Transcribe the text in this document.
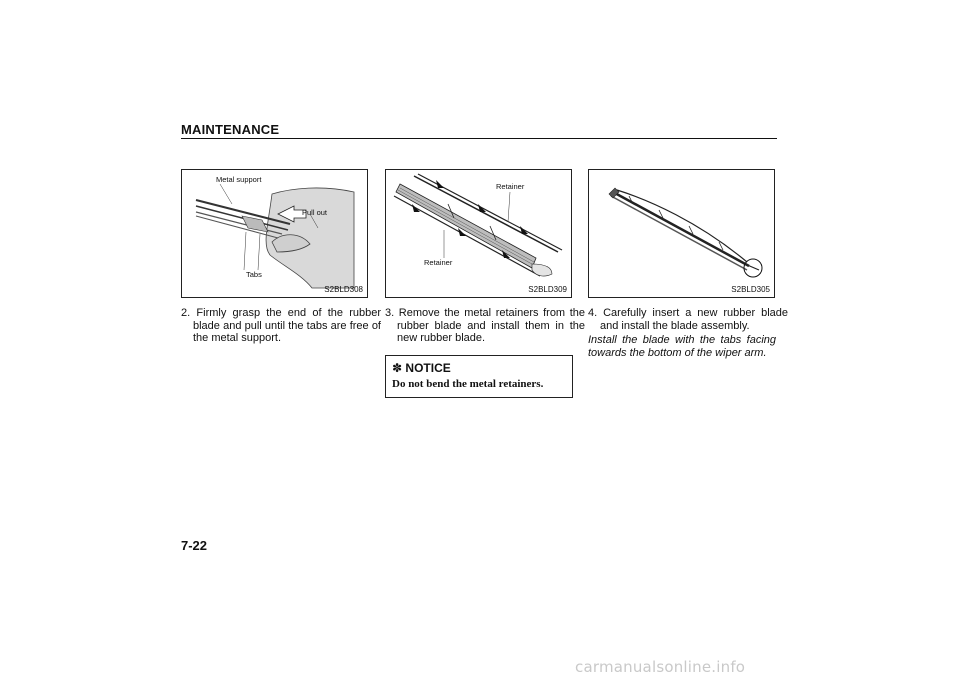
MAINTENANCE
Metal support
Pull out
Tabs
S2BLD308
Retainer
Retainer
S2BLD309	S2BLD305
2. Firmly grasp the end of the rubber blade and pull until the tabs are free of the metal support.
3. Remove the metal retainers from the rubber blade and install them in the new rubber blade.
4. Carefully insert a new rubber blade and install the blade assembly.
Install the blade with the tabs facing towards the bottom of the wiper arm.
✽ NOTICE
Do not bend the metal retainers.
7-22
carmanualsonline.info
